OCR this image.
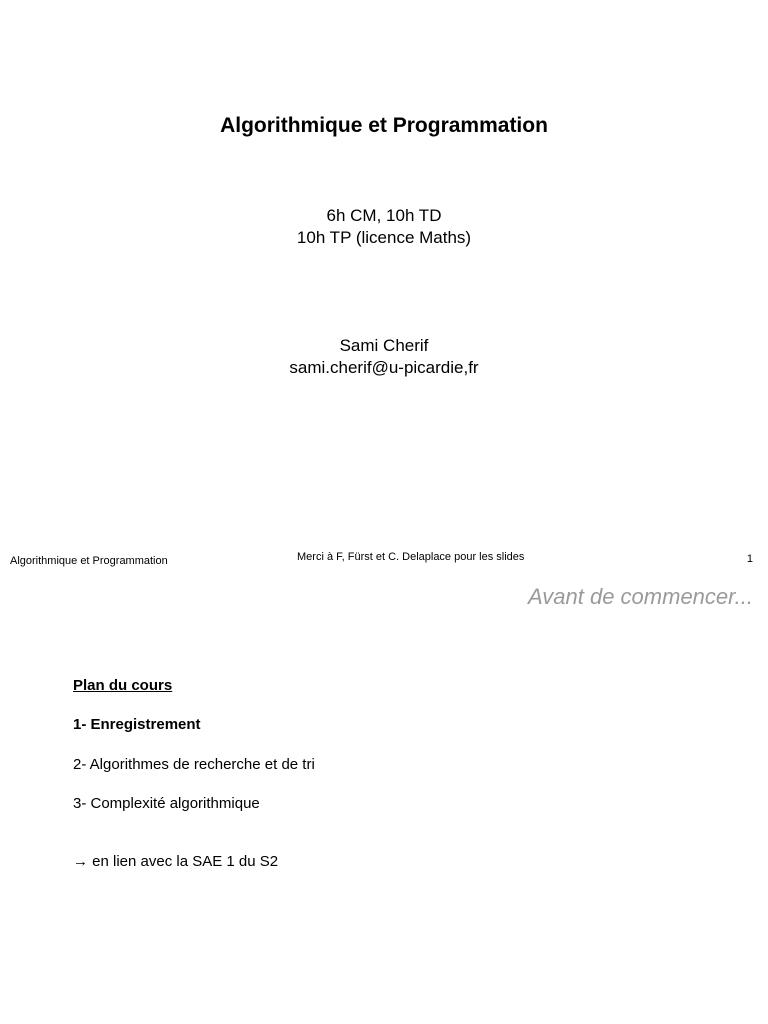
Algorithmique et Programmation
6h CM, 10h TD
10h TP (licence Maths)
Sami Cherif
sami.cherif@u-picardie,fr
Algorithmique et Programmation	Merci à F, Fürst et C. Delaplace pour les slides	1
Avant de commencer...
Plan du cours
1- Enregistrement
2- Algorithmes de recherche et de tri
3- Complexité algorithmique
→ en lien avec la SAE 1 du S2
